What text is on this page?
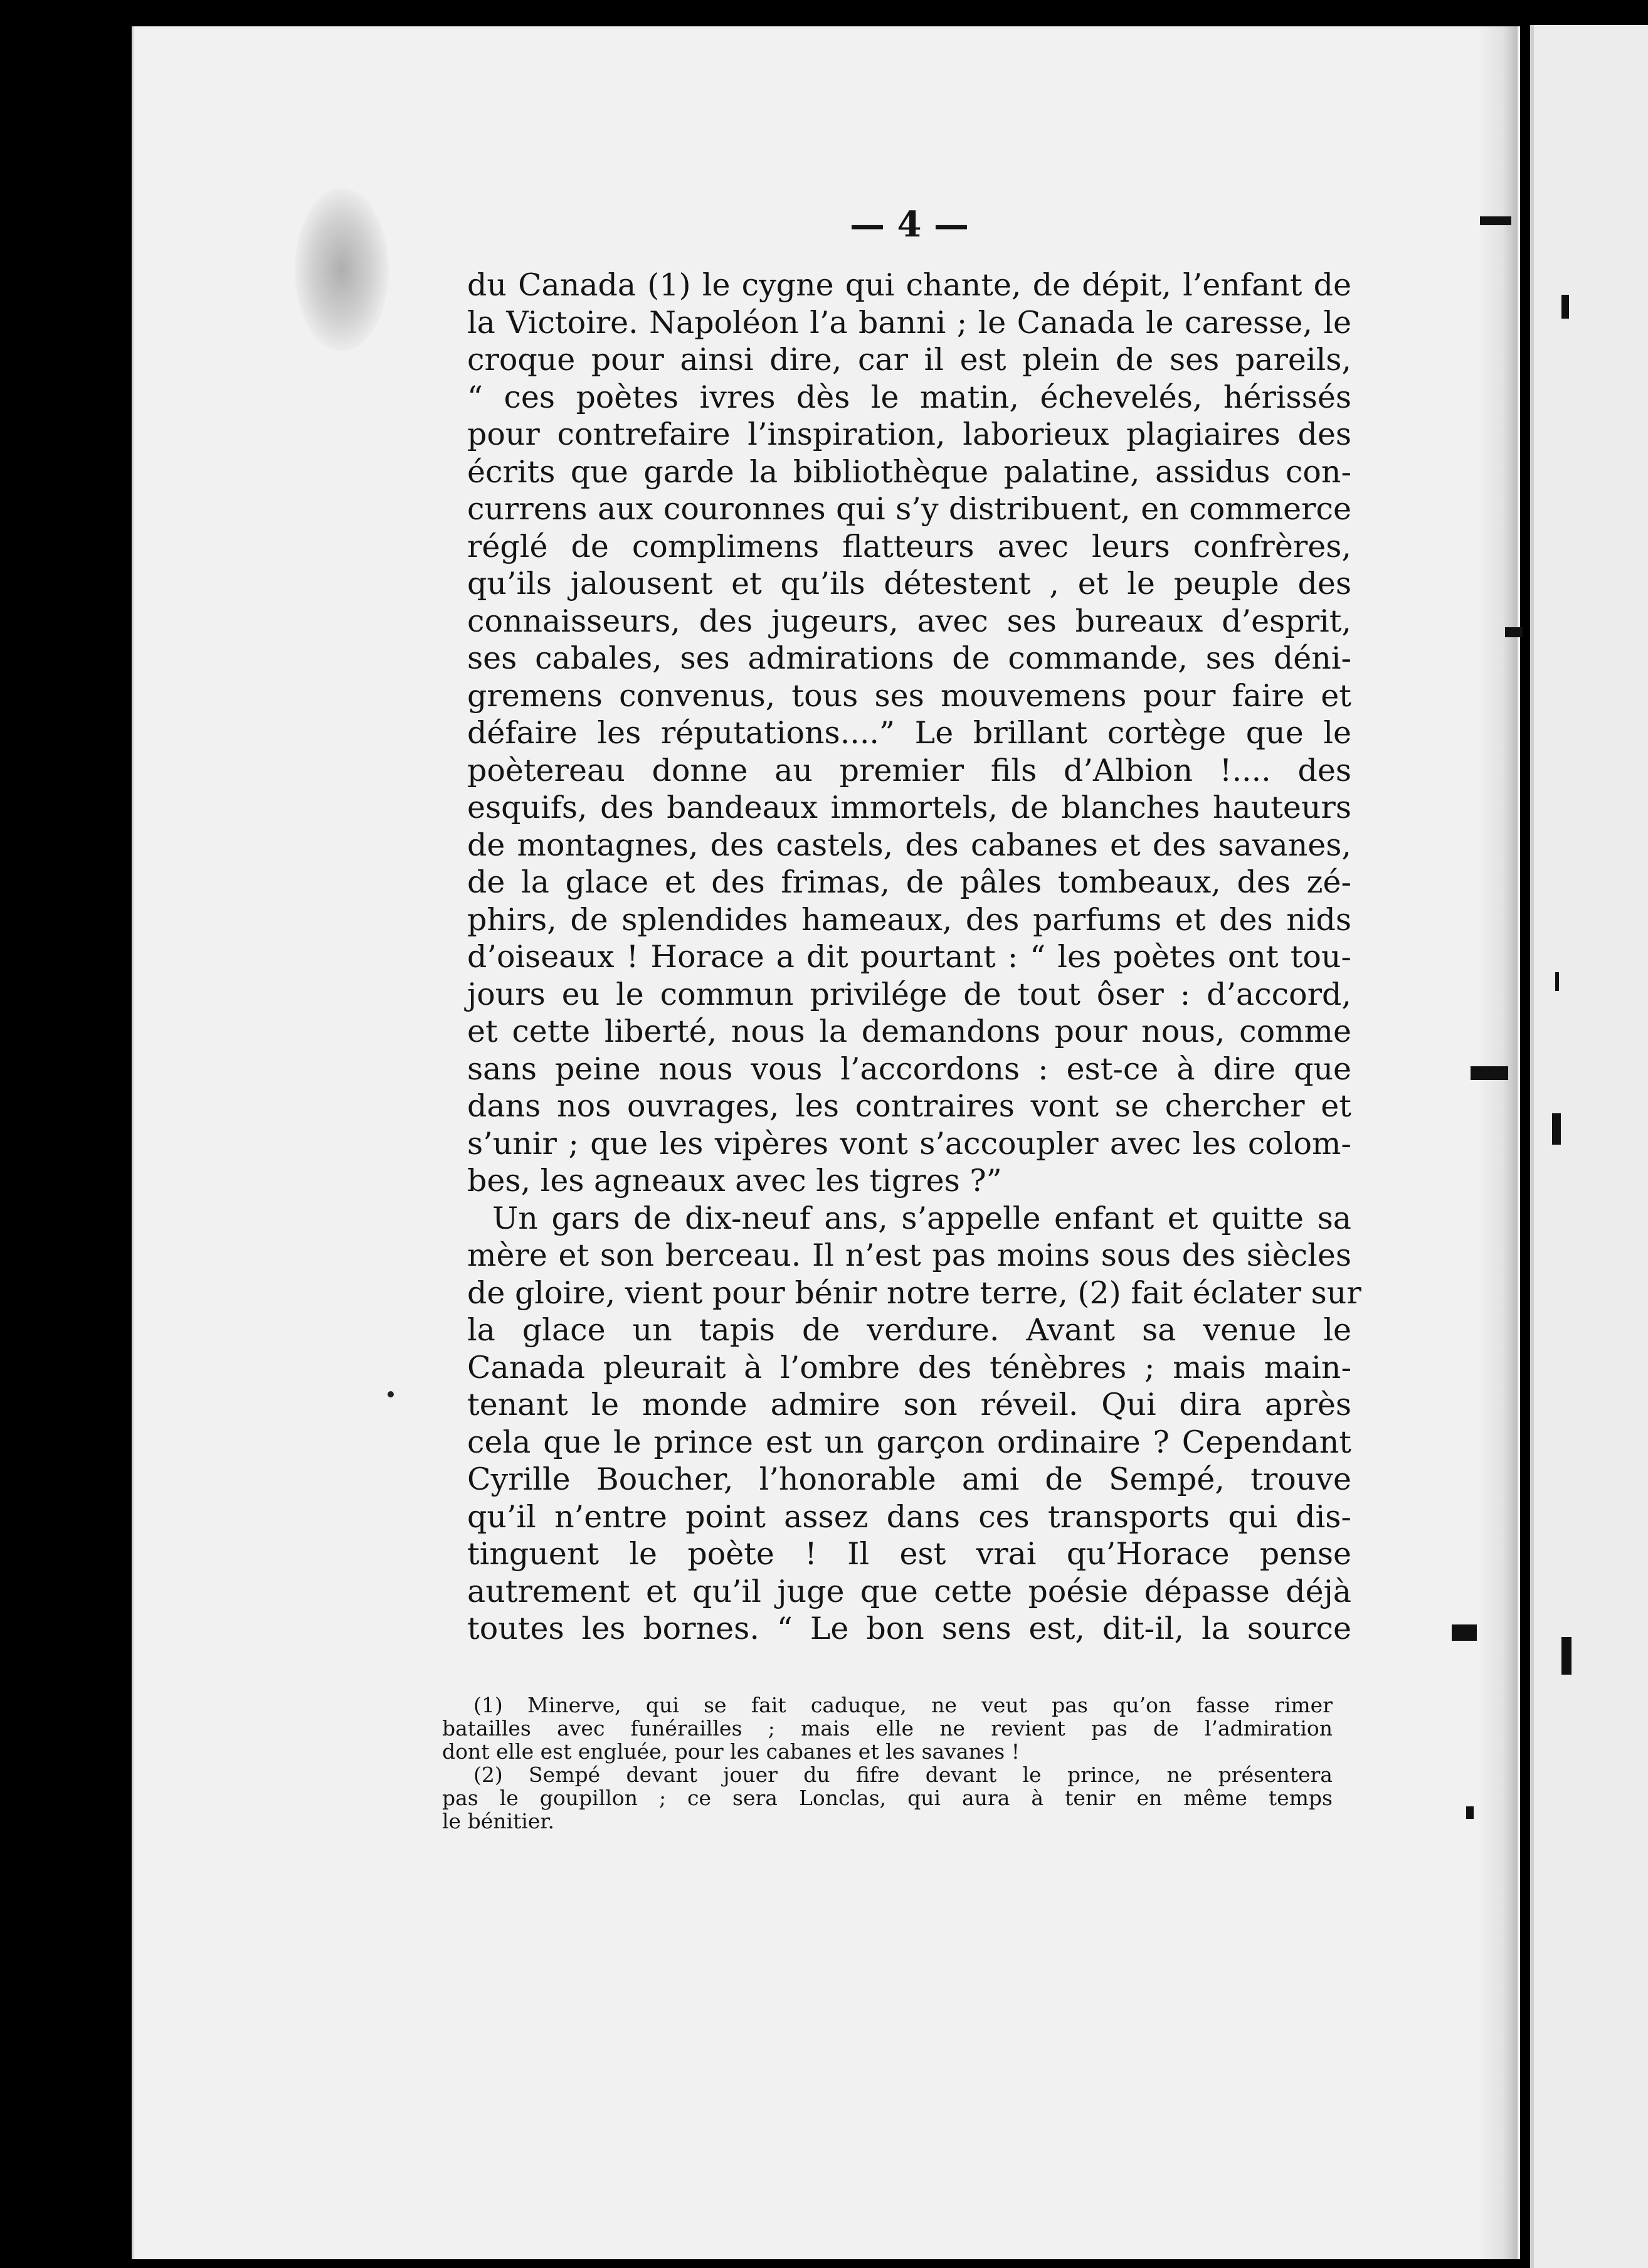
— 4 —
du Canada (1) le cygne qui chante, de dépit, l’enfant de
la Victoire. Napoléon l’a banni ; le Canada le caresse, le
croque pour ainsi dire, car il est plein de ses pareils,
“ ces poètes ivres dès le matin, échevelés, hérissés
pour contrefaire l’inspiration, laborieux plagiaires des
écrits que garde la bibliothèque palatine, assidus con-
currens aux couronnes qui s’y distribuent, en commerce
réglé de complimens flatteurs avec leurs confrères,
qu’ils jalousent et qu’ils détestent , et le peuple des
connaisseurs, des jugeurs, avec ses bureaux d’esprit,
ses cabales, ses admirations de commande, ses déni-
gremens convenus, tous ses mouvemens pour faire et
défaire les réputations....” Le brillant cortège que le
poètereau donne au premier fils d’Albion !.... des
esquifs, des bandeaux immortels, de blanches hauteurs
de montagnes, des castels, des cabanes et des savanes,
de la glace et des frimas, de pâles tombeaux, des zé-
phirs, de splendides hameaux, des parfums et des nids
d’oiseaux ! Horace a dit pourtant : “ les poètes ont tou-
jours eu le commun privilége de tout ôser : d’accord,
et cette liberté, nous la demandons pour nous, comme
sans peine nous vous l’accordons : est-ce à dire que
dans nos ouvrages, les contraires vont se chercher et
s’unir ; que les vipères vont s’accoupler avec les colom-
bes, les agneaux avec les tigres ?”
Un gars de dix-neuf ans, s’appelle enfant et quitte sa
mère et son berceau. Il n’est pas moins sous des siècles
de gloire, vient pour bénir notre terre, (2) fait éclater sur
la glace un tapis de verdure. Avant sa venue le
Canada pleurait à l’ombre des ténèbres ; mais main-
tenant le monde admire son réveil. Qui dira après
cela que le prince est un garçon ordinaire ? Cependant
Cyrille Boucher, l’honorable ami de Sempé, trouve
qu’il n’entre point assez dans ces transports qui dis-
tinguent le poète ! Il est vrai qu’Horace pense
autrement et qu’il juge que cette poésie dépasse déjà
toutes les bornes. “ Le bon sens est, dit-il, la source
(1) Minerve, qui se fait caduque, ne veut pas qu’on fasse rimer
batailles avec funérailles ; mais elle ne revient pas de l’admiration
dont elle est engluée, pour les cabanes et les savanes !
(2) Sempé devant jouer du fifre devant le prince, ne présentera
pas le goupillon ; ce sera Lonclas, qui aura à tenir en même temps
le bénitier.
